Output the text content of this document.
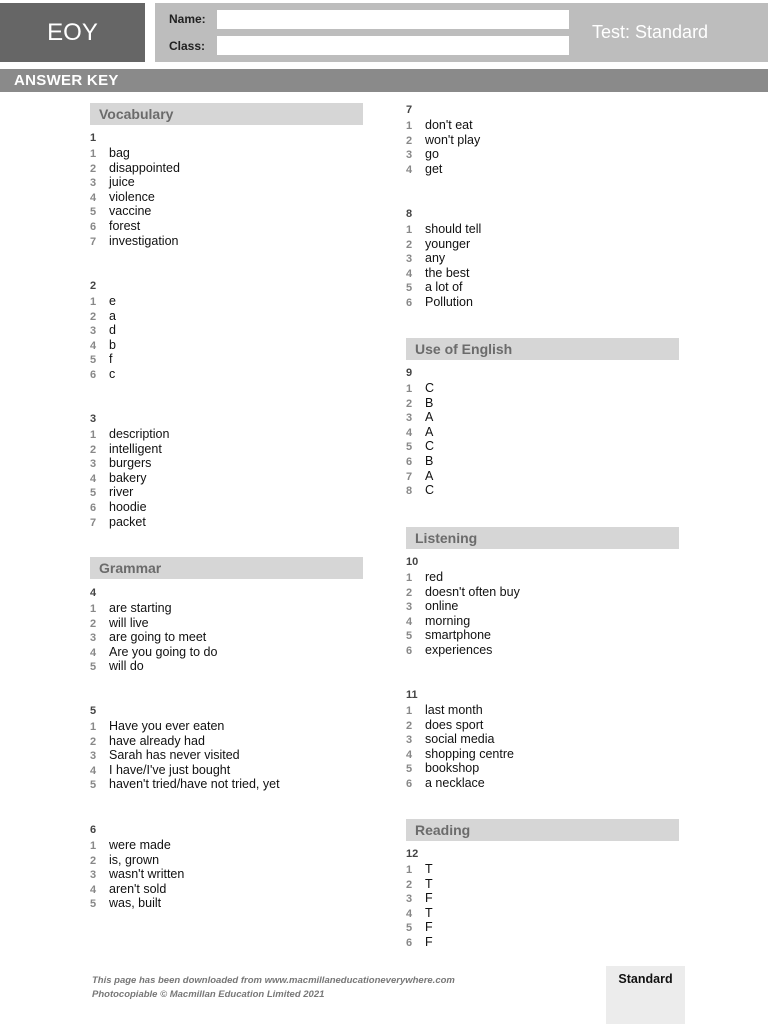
EOY	Name:
Class:
Test: Standard
ANSWER KEY
Vocabulary
1
1 bag
2 disappointed
3 juice
4 violence
5 vaccine
6 forest
7 investigation
2
1 e
2 a
3 d
4 b
5 f
6 c
3
1 description
2 intelligent
3 burgers
4 bakery
5 river
6 hoodie
7 packet
Grammar
4
1 are starting
2 will live
3 are going to meet
4 Are you going to do
5 will do
5
1 Have you ever eaten
2 have already had
3 Sarah has never visited
4 I have/I've just bought
5 haven't tried/have not tried, yet
6
1 were made
2 is, grown
3 wasn't written
4 aren't sold
5 was, built
7
1 don't eat
2 won't play
3 go
4 get
8
1 should tell
2 younger
3 any
4 the best
5 a lot of
6 Pollution
Use of English
9
1 C
2 B
3 A
4 A
5 C
6 B
7 A
8 C
Listening
10
1 red
2 doesn't often buy
3 online
4 morning
5 smartphone
6 experiences
11
1 last month
2 does sport
3 social media
4 shopping centre
5 bookshop
6 a necklace
Reading
12
1 T
2 T
3 F
4 T
5 F
6 F
This page has been downloaded from www.macmillaneducationeverywhere.com
Photocopiable © Macmillan Education Limited 2021
Standard
